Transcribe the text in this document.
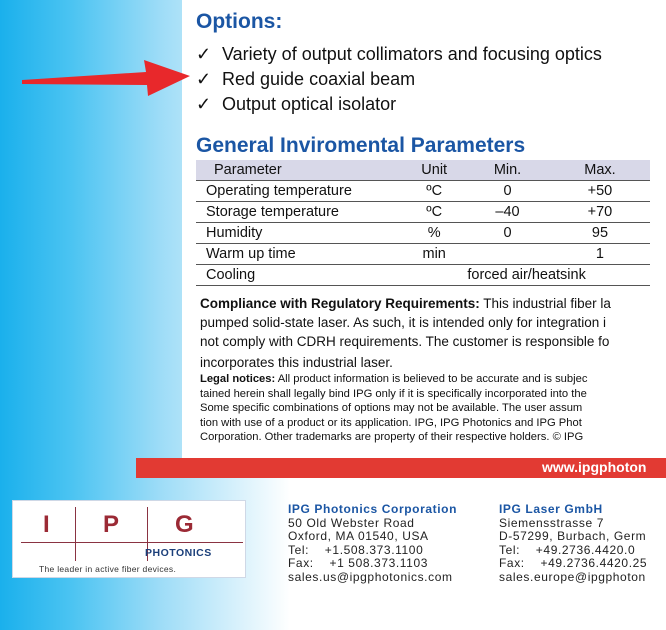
Options:
✓ Variety of output collimators and focusing optics
✓ Red guide coaxial beam
✓ Output optical isolator
General Inviromental Parameters
Parameter	Unit	Min.	Max.
Operating temperature	ºC	0	+50
Storage temperature	ºC	–40	+70
Humidity	%	0	95
Warm up time	min		1
Cooling	forced air/heatsink		

Compliance with Regulatory Requirements: This industrial fiber la

pumped solid-state laser. As such, it is intended only for integration i

not comply with CDRH requirements. The customer is responsible fo

incorporates this industrial laser.

Legal notices: All product information is believed to be accurate and is subjec

tained herein shall legally bind IPG only if it is specifically incorporated into the

Some specific combinations of options may not be available. The user assum

tion with use of a product or its application. IPG, IPG Photonics and IPG Phot

Corporation. Other trademarks are property of their respective holders. © IPG

www.ipgphoton
I P G
PHOTONICS
The leader in active fiber devices.
IPG Photonics Corporation
50 Old Webster Road
Oxford, MA 01540, USA
Tel:    +1.508.373.1100
Fax:    +1 508.373.1103
sales.us@ipgphotonics.com
IPG Laser GmbH
Siemensstrasse 7
D-57299, Burbach, Germ
Tel:    +49.2736.4420.0
Fax:    +49.2736.4420.25
sales.europe@ipgphoton
